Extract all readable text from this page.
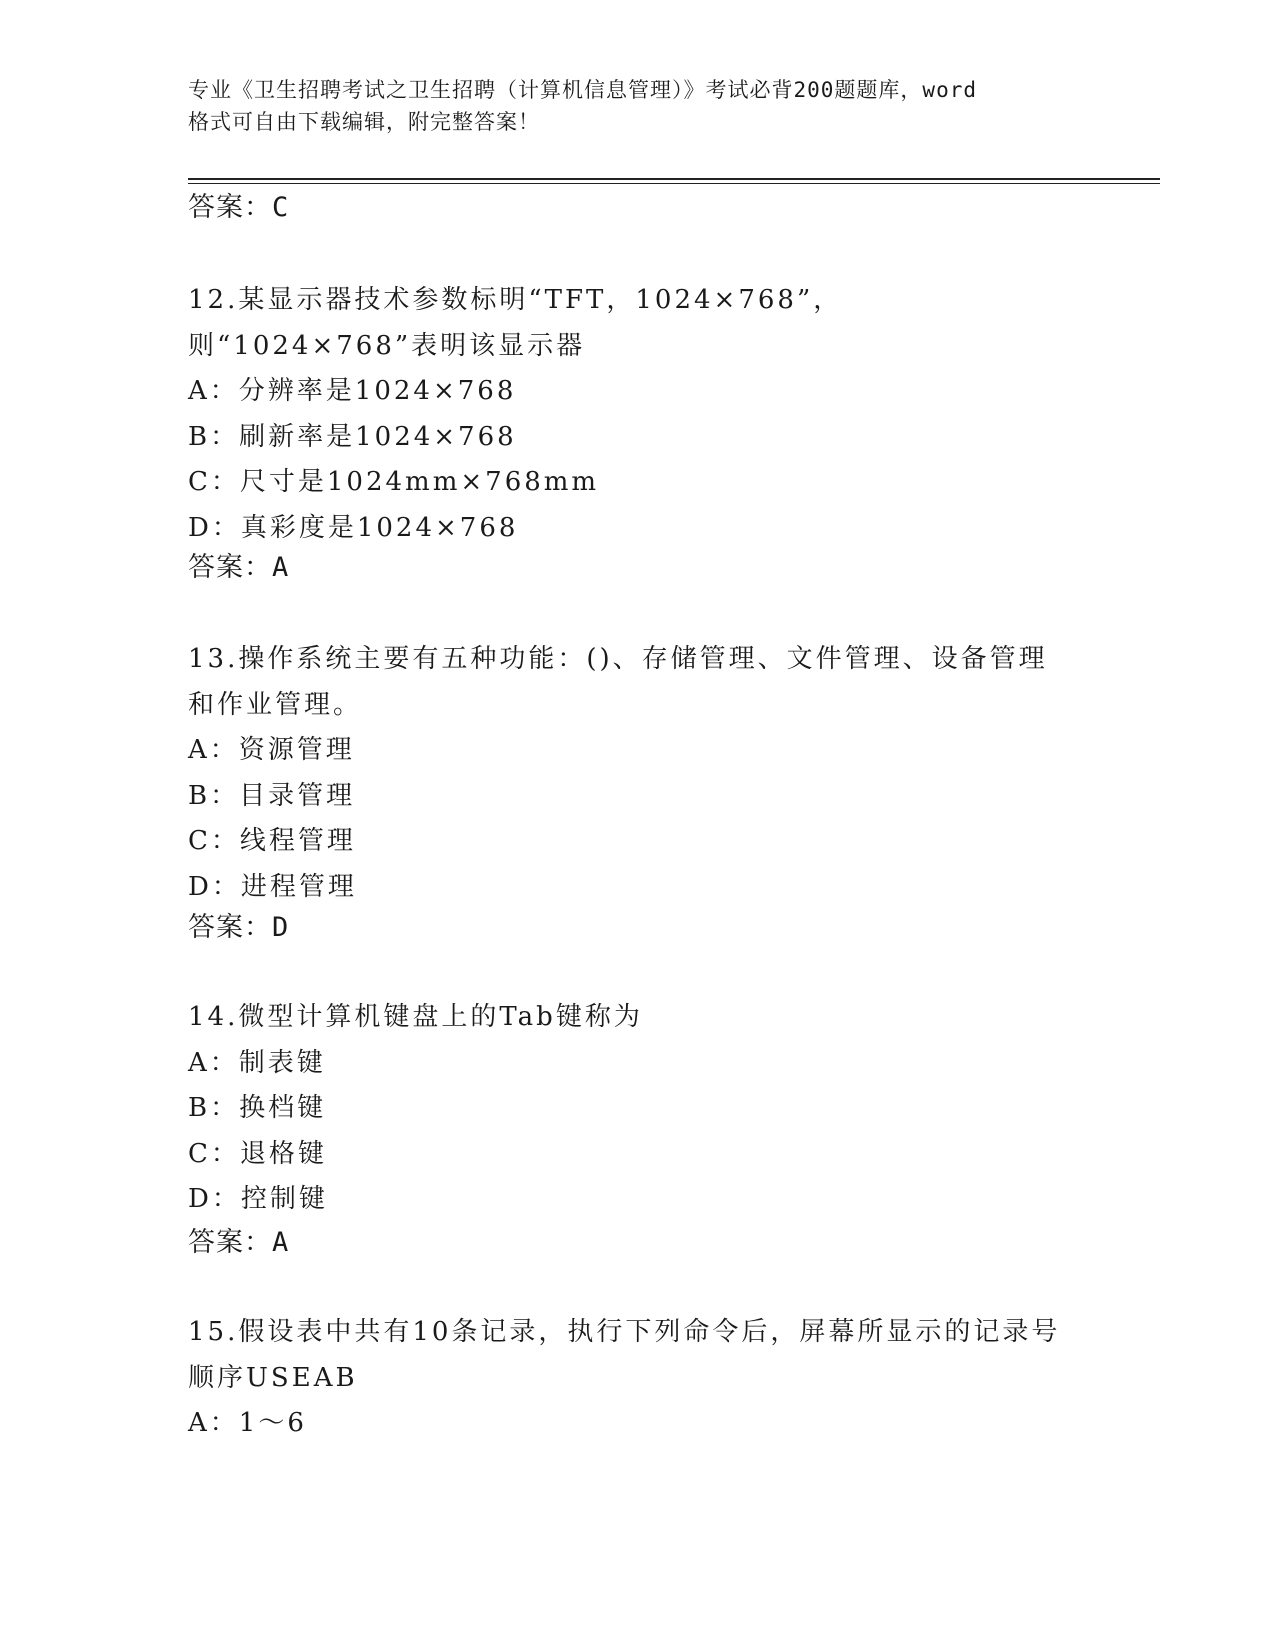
专业《卫生招聘考试之卫生招聘（计算机信息管理）》考试必背200题题库，word
格式可自由下载编辑，附完整答案！
答案：C

12.某显示器技术参数标明“TFT，1024×768”，则“1024×768”表明该显示器

A：分辨率是1024×768

B：刷新率是1024×768

C：尺寸是1024mm×768mm

D：真彩度是1024×768

答案：A

13.操作系统主要有五种功能：()、存储管理、文件管理、设备管理和作业管理。

A：资源管理

B：目录管理

C：线程管理

D：进程管理

答案：D

14.微型计算机键盘上的Tab键称为

A：制表键

B：换档键

C：退格键

D：控制键

答案：A

15.假设表中共有10条记录，执行下列命令后，屏幕所显示的记录号顺序USEAB

A：1～6
